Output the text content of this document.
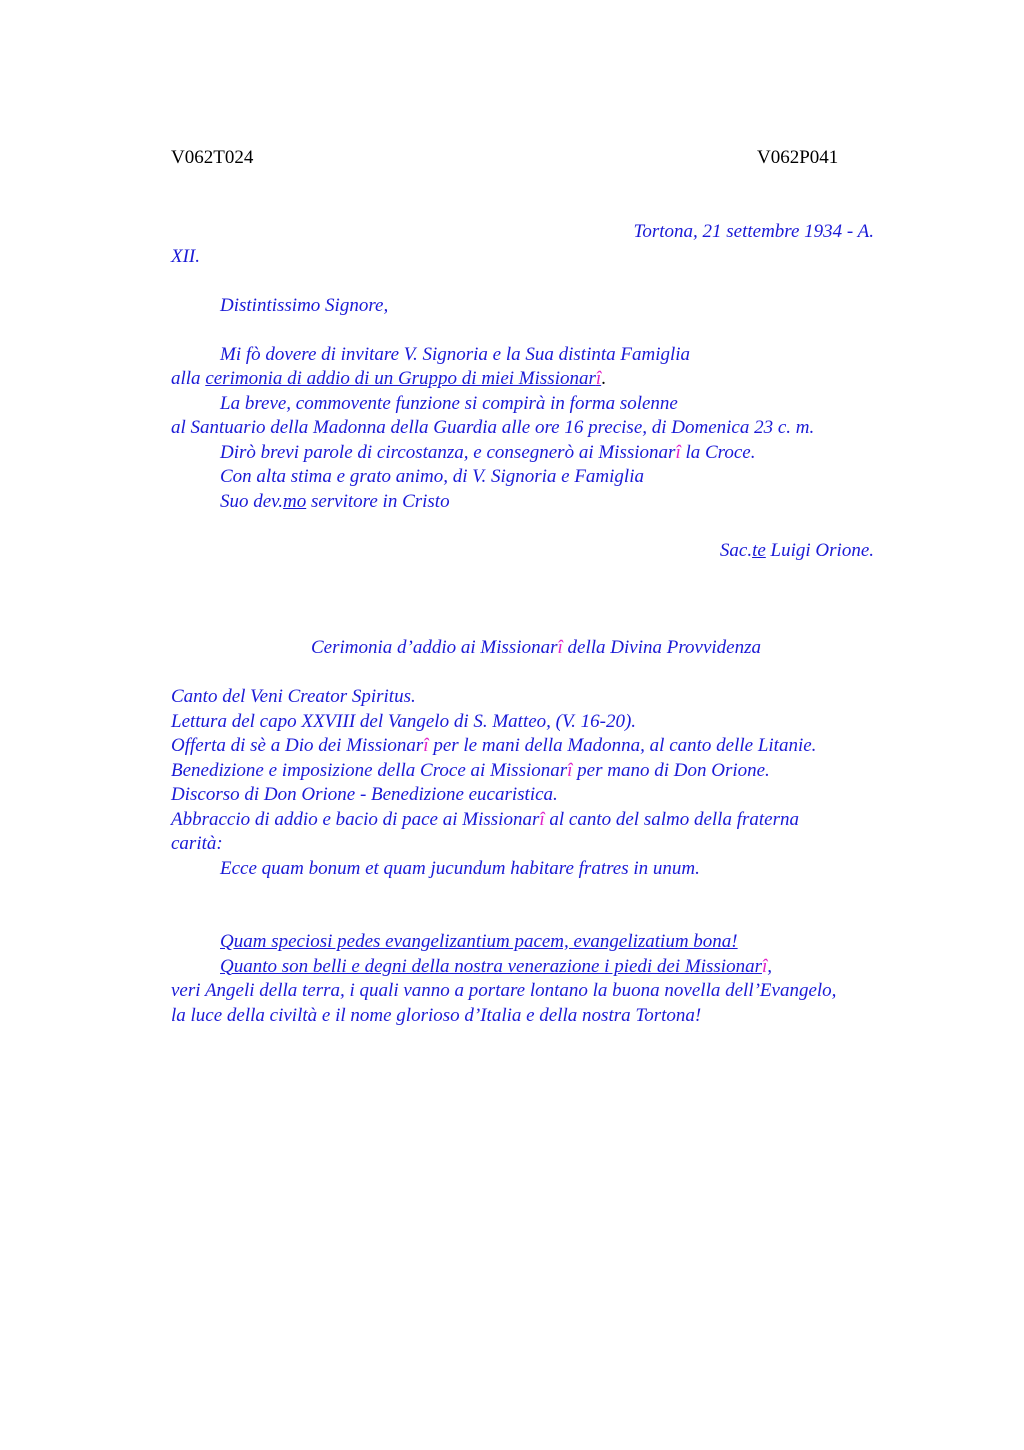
V062T024	V062P041
Tortona, 21 settembre 1934 - A.
XII.
Distintissimo Signore,
Mi fò dovere di invitare V. Signoria e la Sua distinta Famiglia
alla cerimonia di addio di un Gruppo di miei Missionarî.
La breve, commovente funzione si compirà in forma solenne
al Santuario della Madonna della Guardia alle ore 16 precise, di Domenica 23 c. m.
Dirò brevi parole di circostanza, e consegnerò ai Missionarî la Croce.
Con alta stima e grato animo, di V. Signoria e Famiglia
Suo dev.mo servitore in Cristo
Sac.te Luigi Orione.
Cerimonia d’addio ai Missionarî della Divina Provvidenza
Canto del Veni Creator Spiritus.
Lettura del capo XXVIII del Vangelo di S. Matteo, (V. 16-20).
Offerta di sè a Dio dei Missionarî per le mani della Madonna, al canto delle Litanie.
Benedizione e imposizione della Croce ai Missionarî per mano di Don Orione.
Discorso di Don Orione - Benedizione eucaristica.
Abbraccio di addio e bacio di pace ai Missionarî al canto del salmo della fraterna
carità:
Ecce quam bonum et quam jucundum habitare fratres in unum.
Quam speciosi pedes evangelizantium pacem, evangelizatium bona!
Quanto son belli e degni della nostra venerazione i piedi dei Missionarî,
veri Angeli della terra, i quali vanno a portare lontano la buona novella dell’Evangelo,
la luce della civiltà e il nome glorioso d’Italia e della nostra Tortona!
